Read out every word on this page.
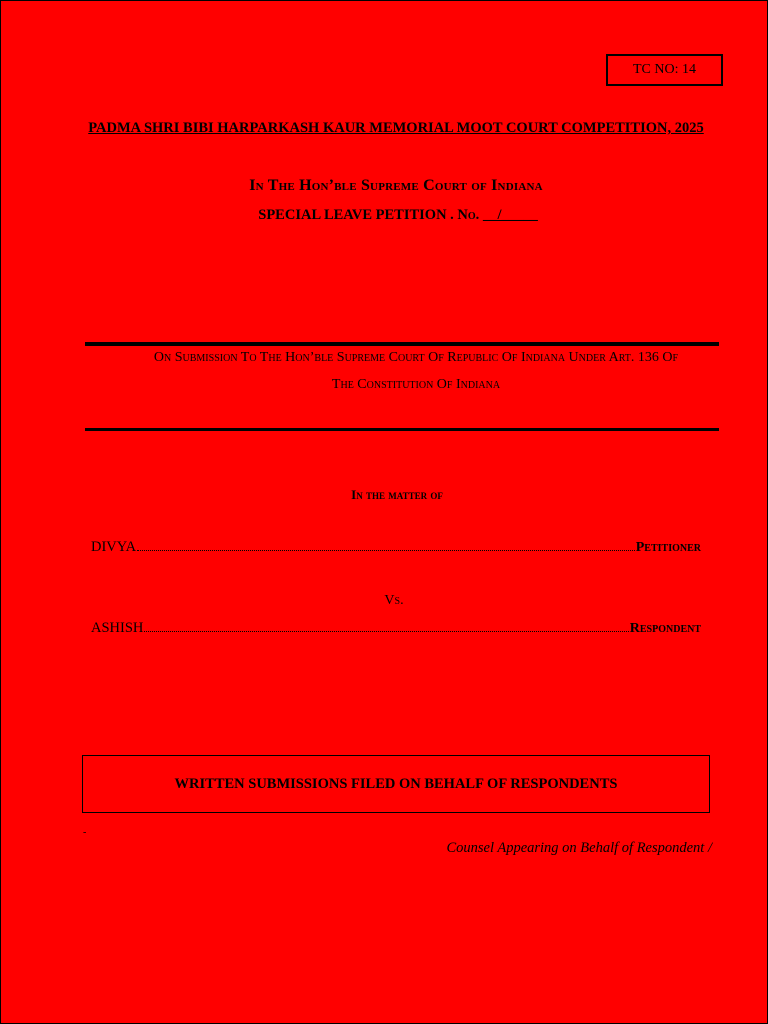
TC NO: 14
PADMA SHRI BIBI HARPARKASH KAUR MEMORIAL MOOT COURT COMPETITION, 2025
In The Hon’ble Supreme Court of Indiana
SPECIAL LEAVE PETITION . No. __/_____
On Submission To The Hon’ble Supreme Court Of Republic Of Indiana Under Art. 136 Of
The Constitution Of Indiana
In the matter of
DIVYA	Petitioner
Vs.
ASHISH	Respondent
WRITTEN SUBMISSIONS FILED ON BEHALF OF RESPONDENTS
-
Counsel Appearing on Behalf of Respondent /
